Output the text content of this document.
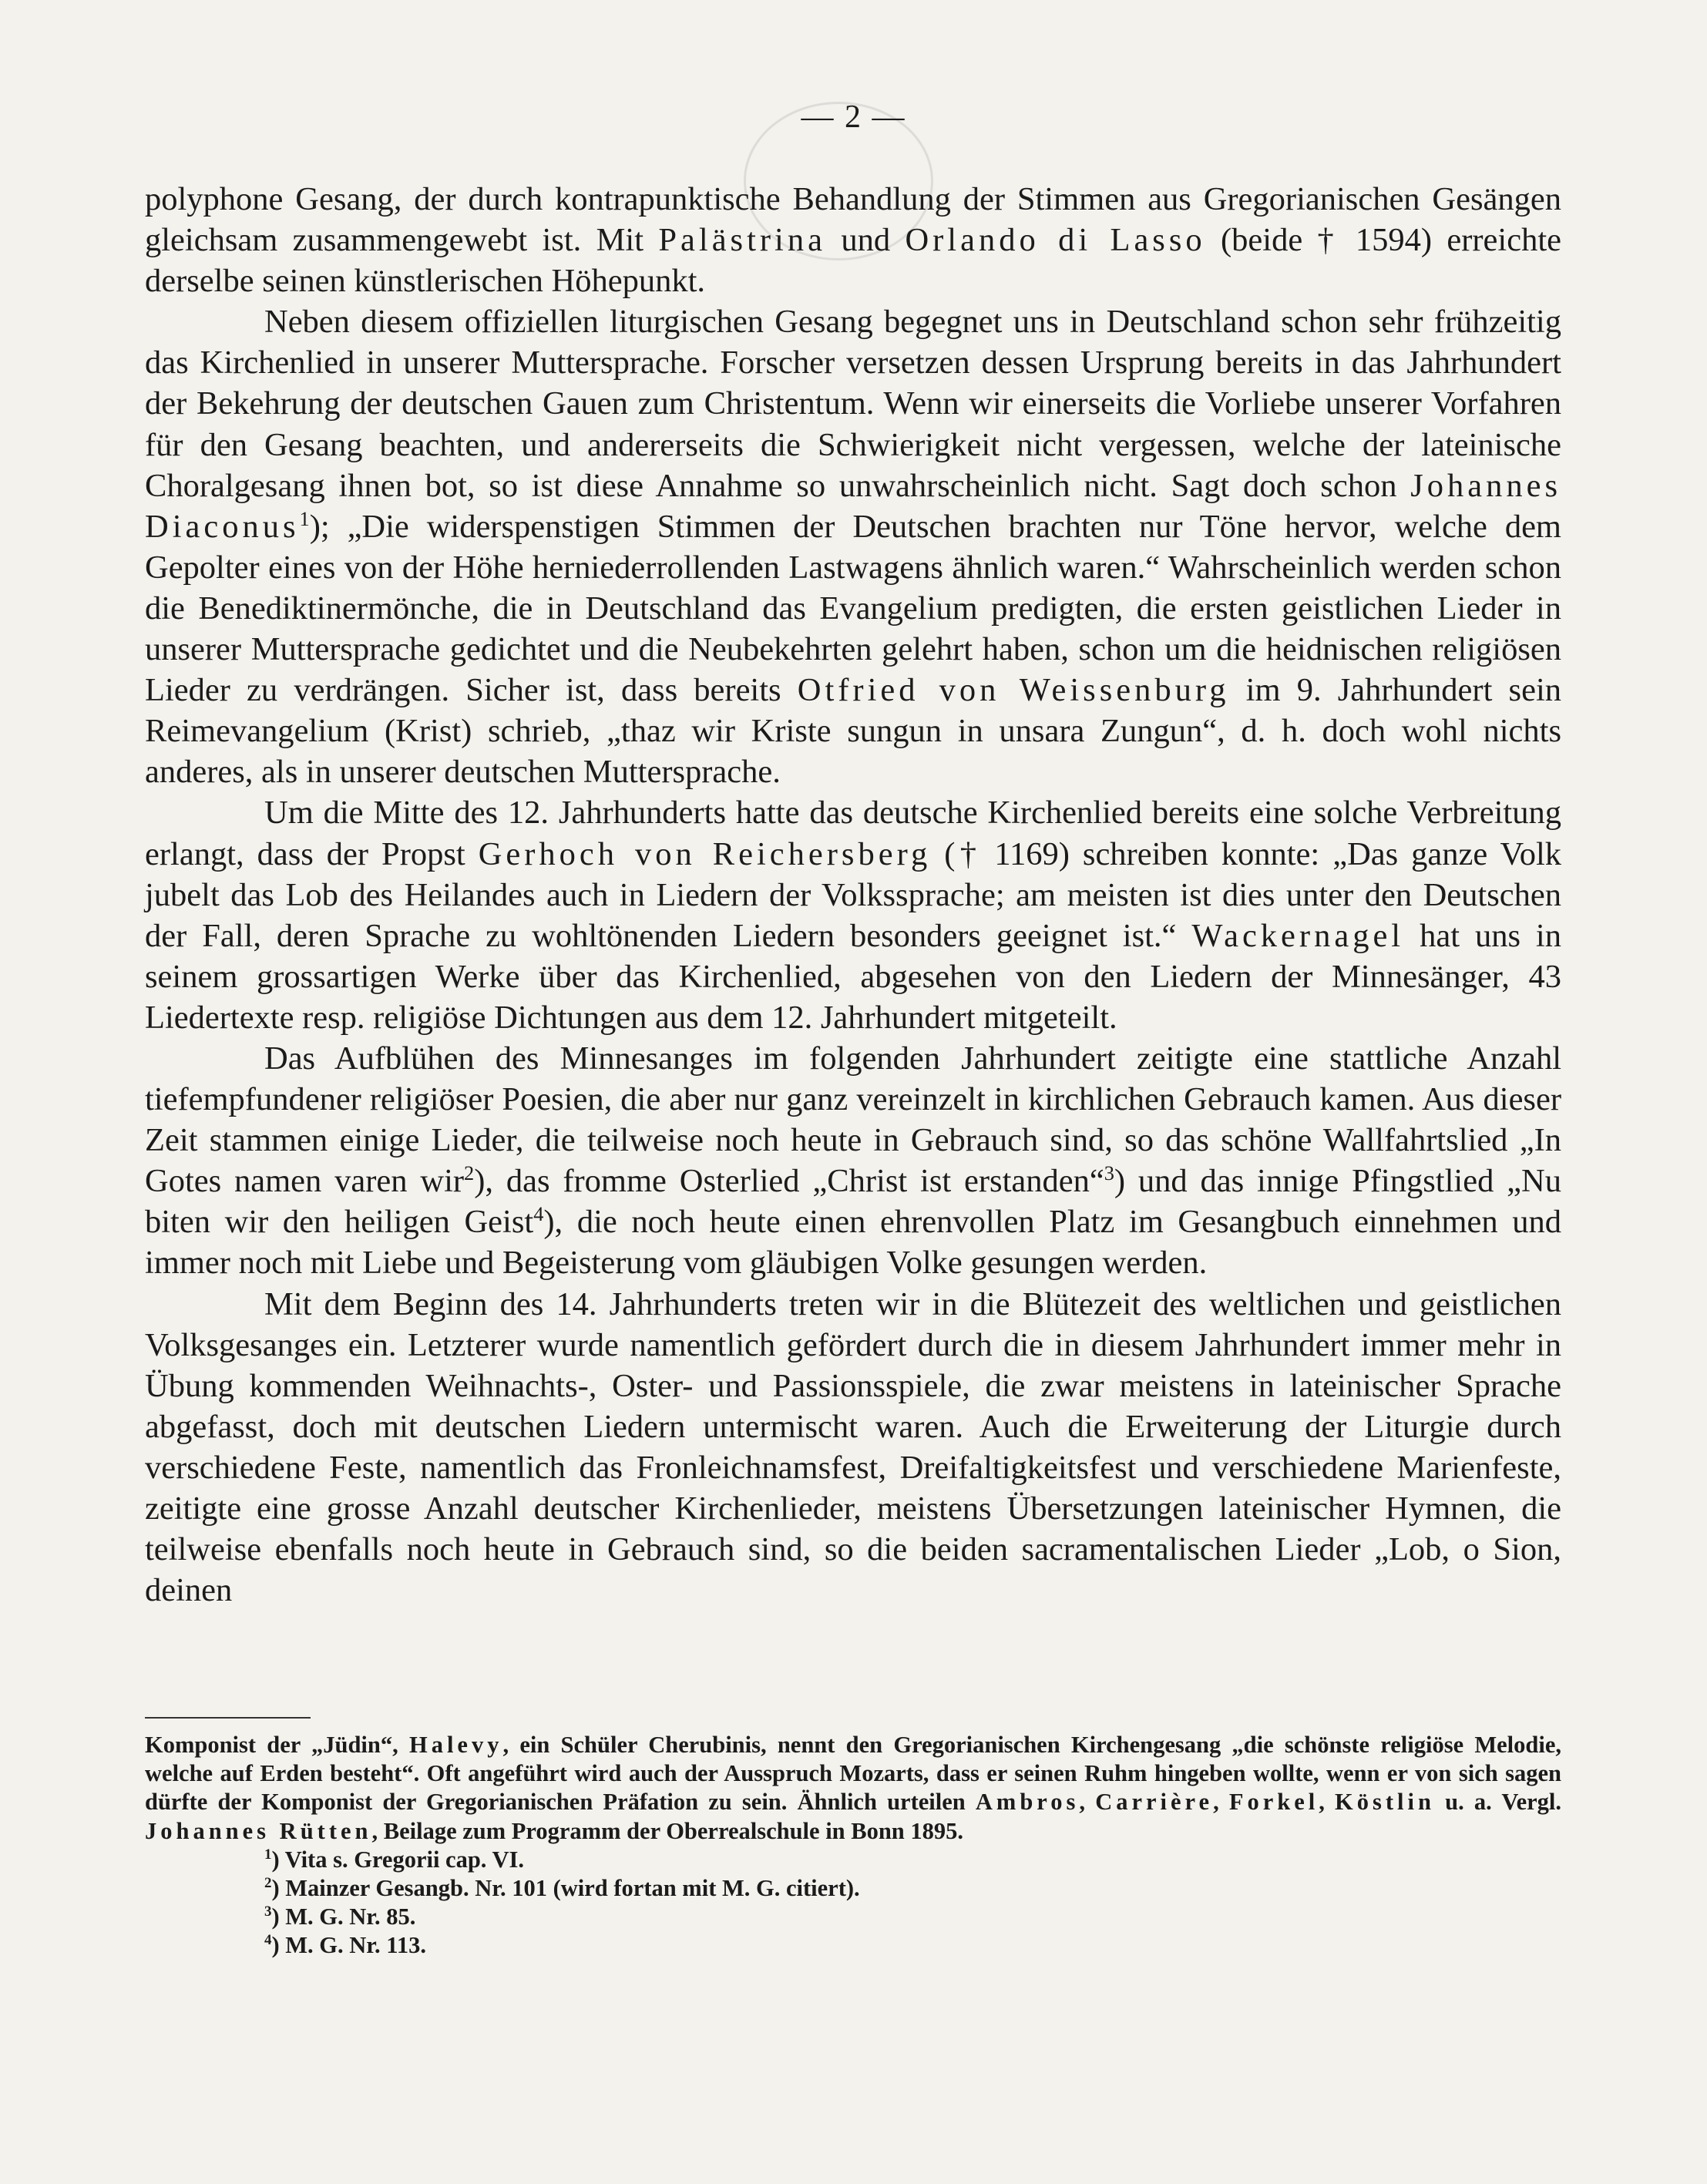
— 2 —

polyphone Gesang, der durch kontrapunktische Behandlung der Stimmen aus Gregorianischen Gesängen gleichsam zusammengewebt ist. Mit Palästrina und Orlando di Lasso (beide † 1594) erreichte derselbe seinen künstlerischen Höhepunkt.

Neben diesem offiziellen liturgischen Gesang begegnet uns in Deutschland schon sehr frühzeitig das Kirchenlied in unserer Muttersprache. Forscher versetzen dessen Ursprung bereits in das Jahrhundert der Bekehrung der deutschen Gauen zum Christentum. Wenn wir einerseits die Vorliebe unserer Vorfahren für den Gesang beachten, und andererseits die Schwierigkeit nicht vergessen, welche der lateinische Choralgesang ihnen bot, so ist diese Annahme so unwahrscheinlich nicht. Sagt doch schon Johannes Diaconus$^1$); „Die widerspenstigen Stimmen der Deutschen brachten nur Töne hervor, welche dem Gepolter eines von der Höhe herniederrollenden Lastwagens ähnlich waren.“ Wahrscheinlich werden schon die Benediktinermönche, die in Deutschland das Evangelium predigten, die ersten geistlichen Lieder in unserer Muttersprache gedichtet und die Neubekehrten gelehrt haben, schon um die heidnischen religiösen Lieder zu verdrängen. Sicher ist, dass bereits Otfried von Weissenburg im 9. Jahrhundert sein Reimevangelium (Krist) schrieb, „thaz wir Kriste sungun in unsara Zungun“, d. h. doch wohl nichts anderes, als in unserer deutschen Muttersprache.

Um die Mitte des 12. Jahrhunderts hatte das deutsche Kirchenlied bereits eine solche Verbreitung erlangt, dass der Propst Gerhoch von Reichersberg († 1169) schreiben konnte: „Das ganze Volk jubelt das Lob des Heilandes auch in Liedern der Volkssprache; am meisten ist dies unter den Deutschen der Fall, deren Sprache zu wohltönenden Liedern besonders geeignet ist.“ Wackernagel hat uns in seinem grossartigen Werke über das Kirchenlied, abgesehen von den Liedern der Minnesänger, 43 Liedertexte resp. religiöse Dichtungen aus dem 12. Jahrhundert mitgeteilt.

Das Aufblühen des Minnesanges im folgenden Jahrhundert zeitigte eine stattliche Anzahl tiefempfundener religiöser Poesien, die aber nur ganz vereinzelt in kirchlichen Gebrauch kamen. Aus dieser Zeit stammen einige Lieder, die teilweise noch heute in Gebrauch sind, so das schöne Wallfahrtslied „In Gotes namen varen wir$^2$), das fromme Osterlied „Christ ist erstanden“$^3$) und das innige Pfingstlied „Nu biten wir den heiligen Geist$^4$), die noch heute einen ehrenvollen Platz im Gesangbuch einnehmen und immer noch mit Liebe und Begeisterung vom gläubigen Volke gesungen werden.

Mit dem Beginn des 14. Jahrhunderts treten wir in die Blütezeit des weltlichen und geistlichen Volksgesanges ein. Letzterer wurde namentlich gefördert durch die in diesem Jahrhundert immer mehr in Übung kommenden Weihnachts-, Oster- und Passionsspiele, die zwar meistens in lateinischer Sprache abgefasst, doch mit deutschen Liedern untermischt waren. Auch die Erweiterung der Liturgie durch verschiedene Feste, namentlich das Fronleichnamsfest, Dreifaltigkeitsfest und verschiedene Marienfeste, zeitigte eine grosse Anzahl deutscher Kirchenlieder, meistens Übersetzungen lateinischer Hymnen, die teilweise ebenfalls noch heute in Gebrauch sind, so die beiden sacramentalischen Lieder „Lob, o Sion, deinen

Komponist der „Jüdin“, Halevy, ein Schüler Cherubinis, nennt den Gregorianischen Kirchengesang „die schönste religiöse Melodie, welche auf Erden besteht“. Oft angeführt wird auch der Ausspruch Mozarts, dass er seinen Ruhm hingeben wollte, wenn er von sich sagen dürfte der Komponist der Gregorianischen Präfation zu sein. Ähnlich urteilen Ambros, Carrière, Forkel, Köstlin u. a. Vergl. Johannes Rütten, Beilage zum Programm der Oberrealschule in Bonn 1895.

$^1$) Vita s. Gregorii cap. VI.

$^2$) Mainzer Gesangb. Nr. 101 (wird fortan mit M. G. citiert).

$^3$) M. G. Nr. 85.

$^4$) M. G. Nr. 113.
